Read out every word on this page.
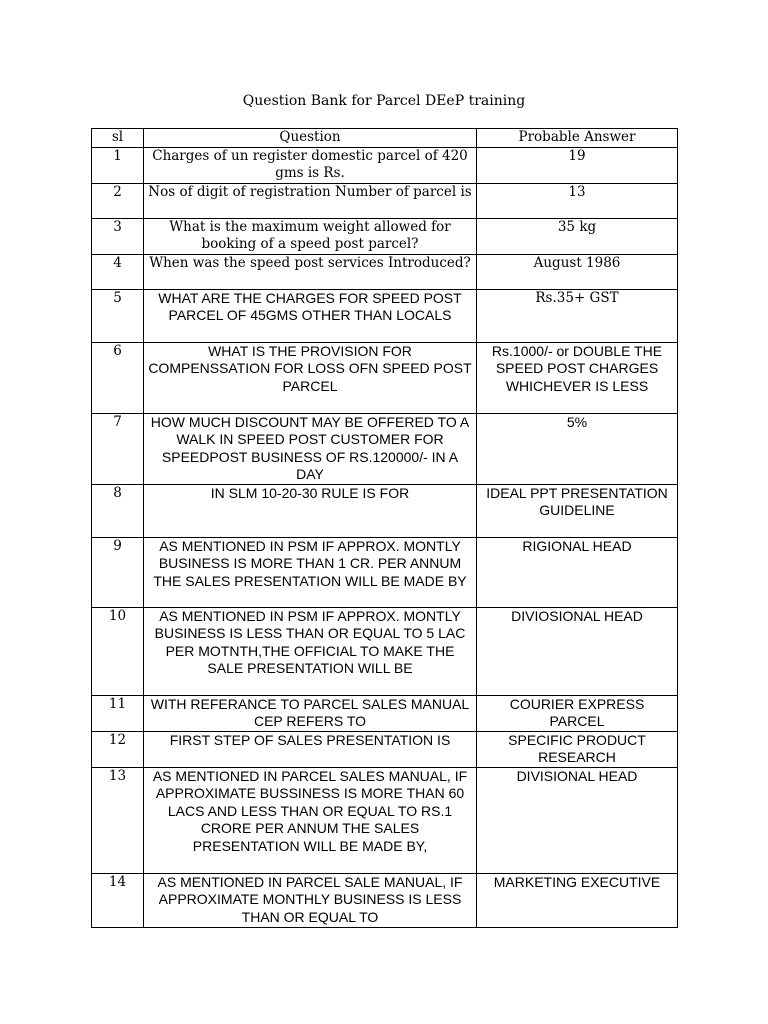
Question Bank for Parcel DEeP training
sl	Question	Probable Answer
1	Charges of un register domestic parcel of 420 gms is Rs.	19
2	Nos of digit of registration Number of parcel is	13
3	What is the maximum weight allowed for booking of a speed post parcel?	35 kg
4	When was the speed post services Introduced?	August 1986
5	WHAT ARE THE CHARGES FOR SPEED POST PARCEL OF 45GMS OTHER THAN LOCALS	Rs.35+ GST
6	WHAT IS THE PROVISION FOR COMPENSSATION FOR LOSS OFN SPEED POST PARCEL	Rs.1000/- or DOUBLE THE SPEED POST CHARGES WHICHEVER IS LESS
7	HOW MUCH DISCOUNT MAY BE OFFERED TO A WALK IN SPEED POST CUSTOMER FOR SPEEDPOST BUSINESS OF RS.120000/- IN A DAY	5%
8	IN SLM 10-20-30 RULE IS FOR	IDEAL PPT PRESENTATION GUIDELINE
9	AS MENTIONED IN PSM IF APPROX. MONTLY BUSINESS IS MORE THAN 1 CR. PER ANNUM THE SALES PRESENTATION WILL BE MADE BY	RIGIONAL HEAD
10	AS MENTIONED IN PSM IF APPROX. MONTLY BUSINESS IS LESS THAN OR EQUAL TO 5 LAC PER MOTNTH,THE OFFICIAL TO MAKE THE SALE PRESENTATION WILL BE	DIVIOSIONAL HEAD
11	WITH REFERANCE TO PARCEL SALES MANUAL CEP REFERS TO	COURIER EXPRESS PARCEL
12	FIRST STEP OF SALES PRESENTATION IS	SPECIFIC PRODUCT RESEARCH
13	AS MENTIONED IN PARCEL SALES MANUAL, IF APPROXIMATE BUSSINESS IS MORE THAN 60 LACS AND LESS THAN OR EQUAL TO RS.1 CRORE PER ANNUM THE SALES PRESENTATION WILL BE MADE BY,	DIVISIONAL HEAD
14	AS MENTIONED IN PARCEL SALE MANUAL, IF APPROXIMATE MONTHLY BUSINESS IS LESS THAN OR EQUAL TO	MARKETING EXECUTIVE
